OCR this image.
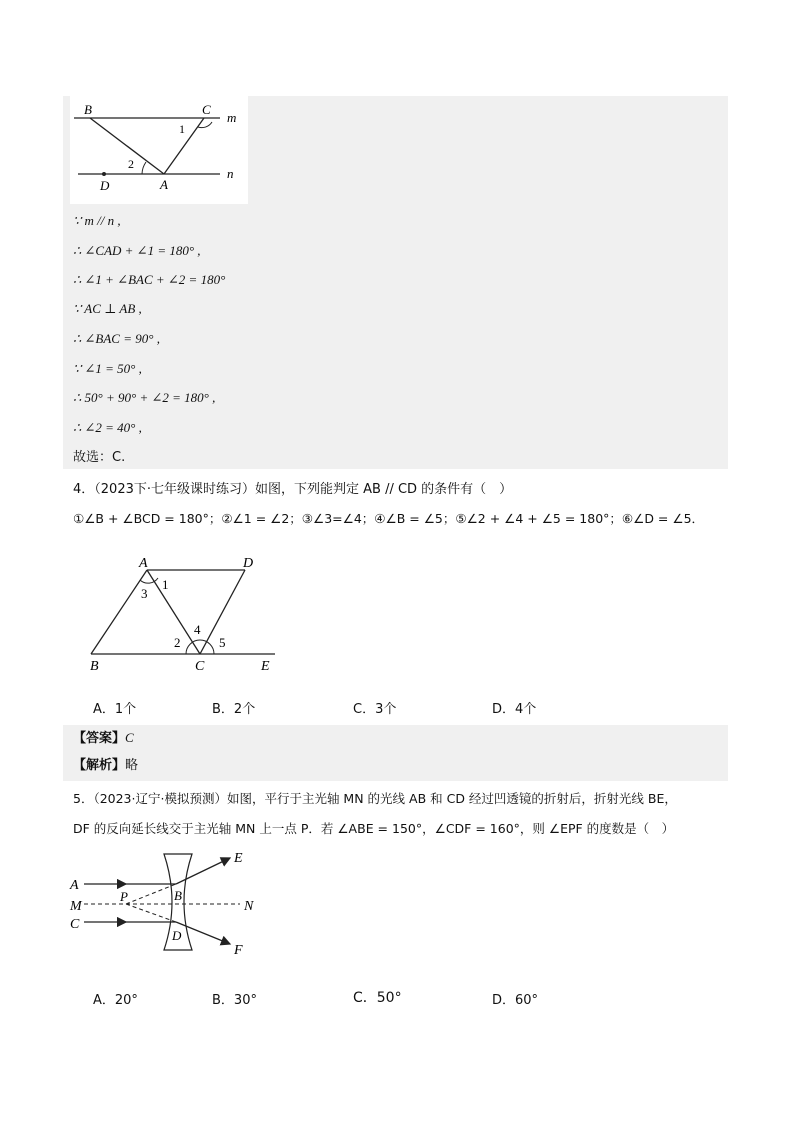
B	C
m
1
2
D	A
n
∵ m // n ,
∴ ∠CAD + ∠1 = 180° ,
∴ ∠1 + ∠BAC + ∠2 = 180°
∵ AC ⊥ AB ,
∴ ∠BAC = 90° ,
∵ ∠1 = 50° ,
∴ 50° + 90° + ∠2 = 180° ,
∴ ∠2 = 40° ,
故选：C.
4．（2023下·七年级课时练习）如图，下列能判定 AB // CD 的条件有（　）
①∠B + ∠BCD = 180°；②∠1 = ∠2；③∠3=∠4；④∠B = ∠5；⑤∠2 + ∠4 + ∠5 = 180°；⑥∠D = ∠5．
A	D
1
3
2
4
5
B	C	E
A．1个	B．2个	C．3个	D．4个
【答案】C
【解析】略
5．（2023·辽宁·模拟预测）如图，平行于主光轴 MN 的光线 AB 和 CD 经过凹透镜的折射后，折射光线 BE，
DF 的反向延长线交于主光轴 MN 上一点 P．若 ∠ABE = 150°，∠CDF = 160°，则 ∠EPF 的度数是（　）
E
A
P	B
M	N
C
D
F
A．20°	B．30°	C．50°	D．60°
